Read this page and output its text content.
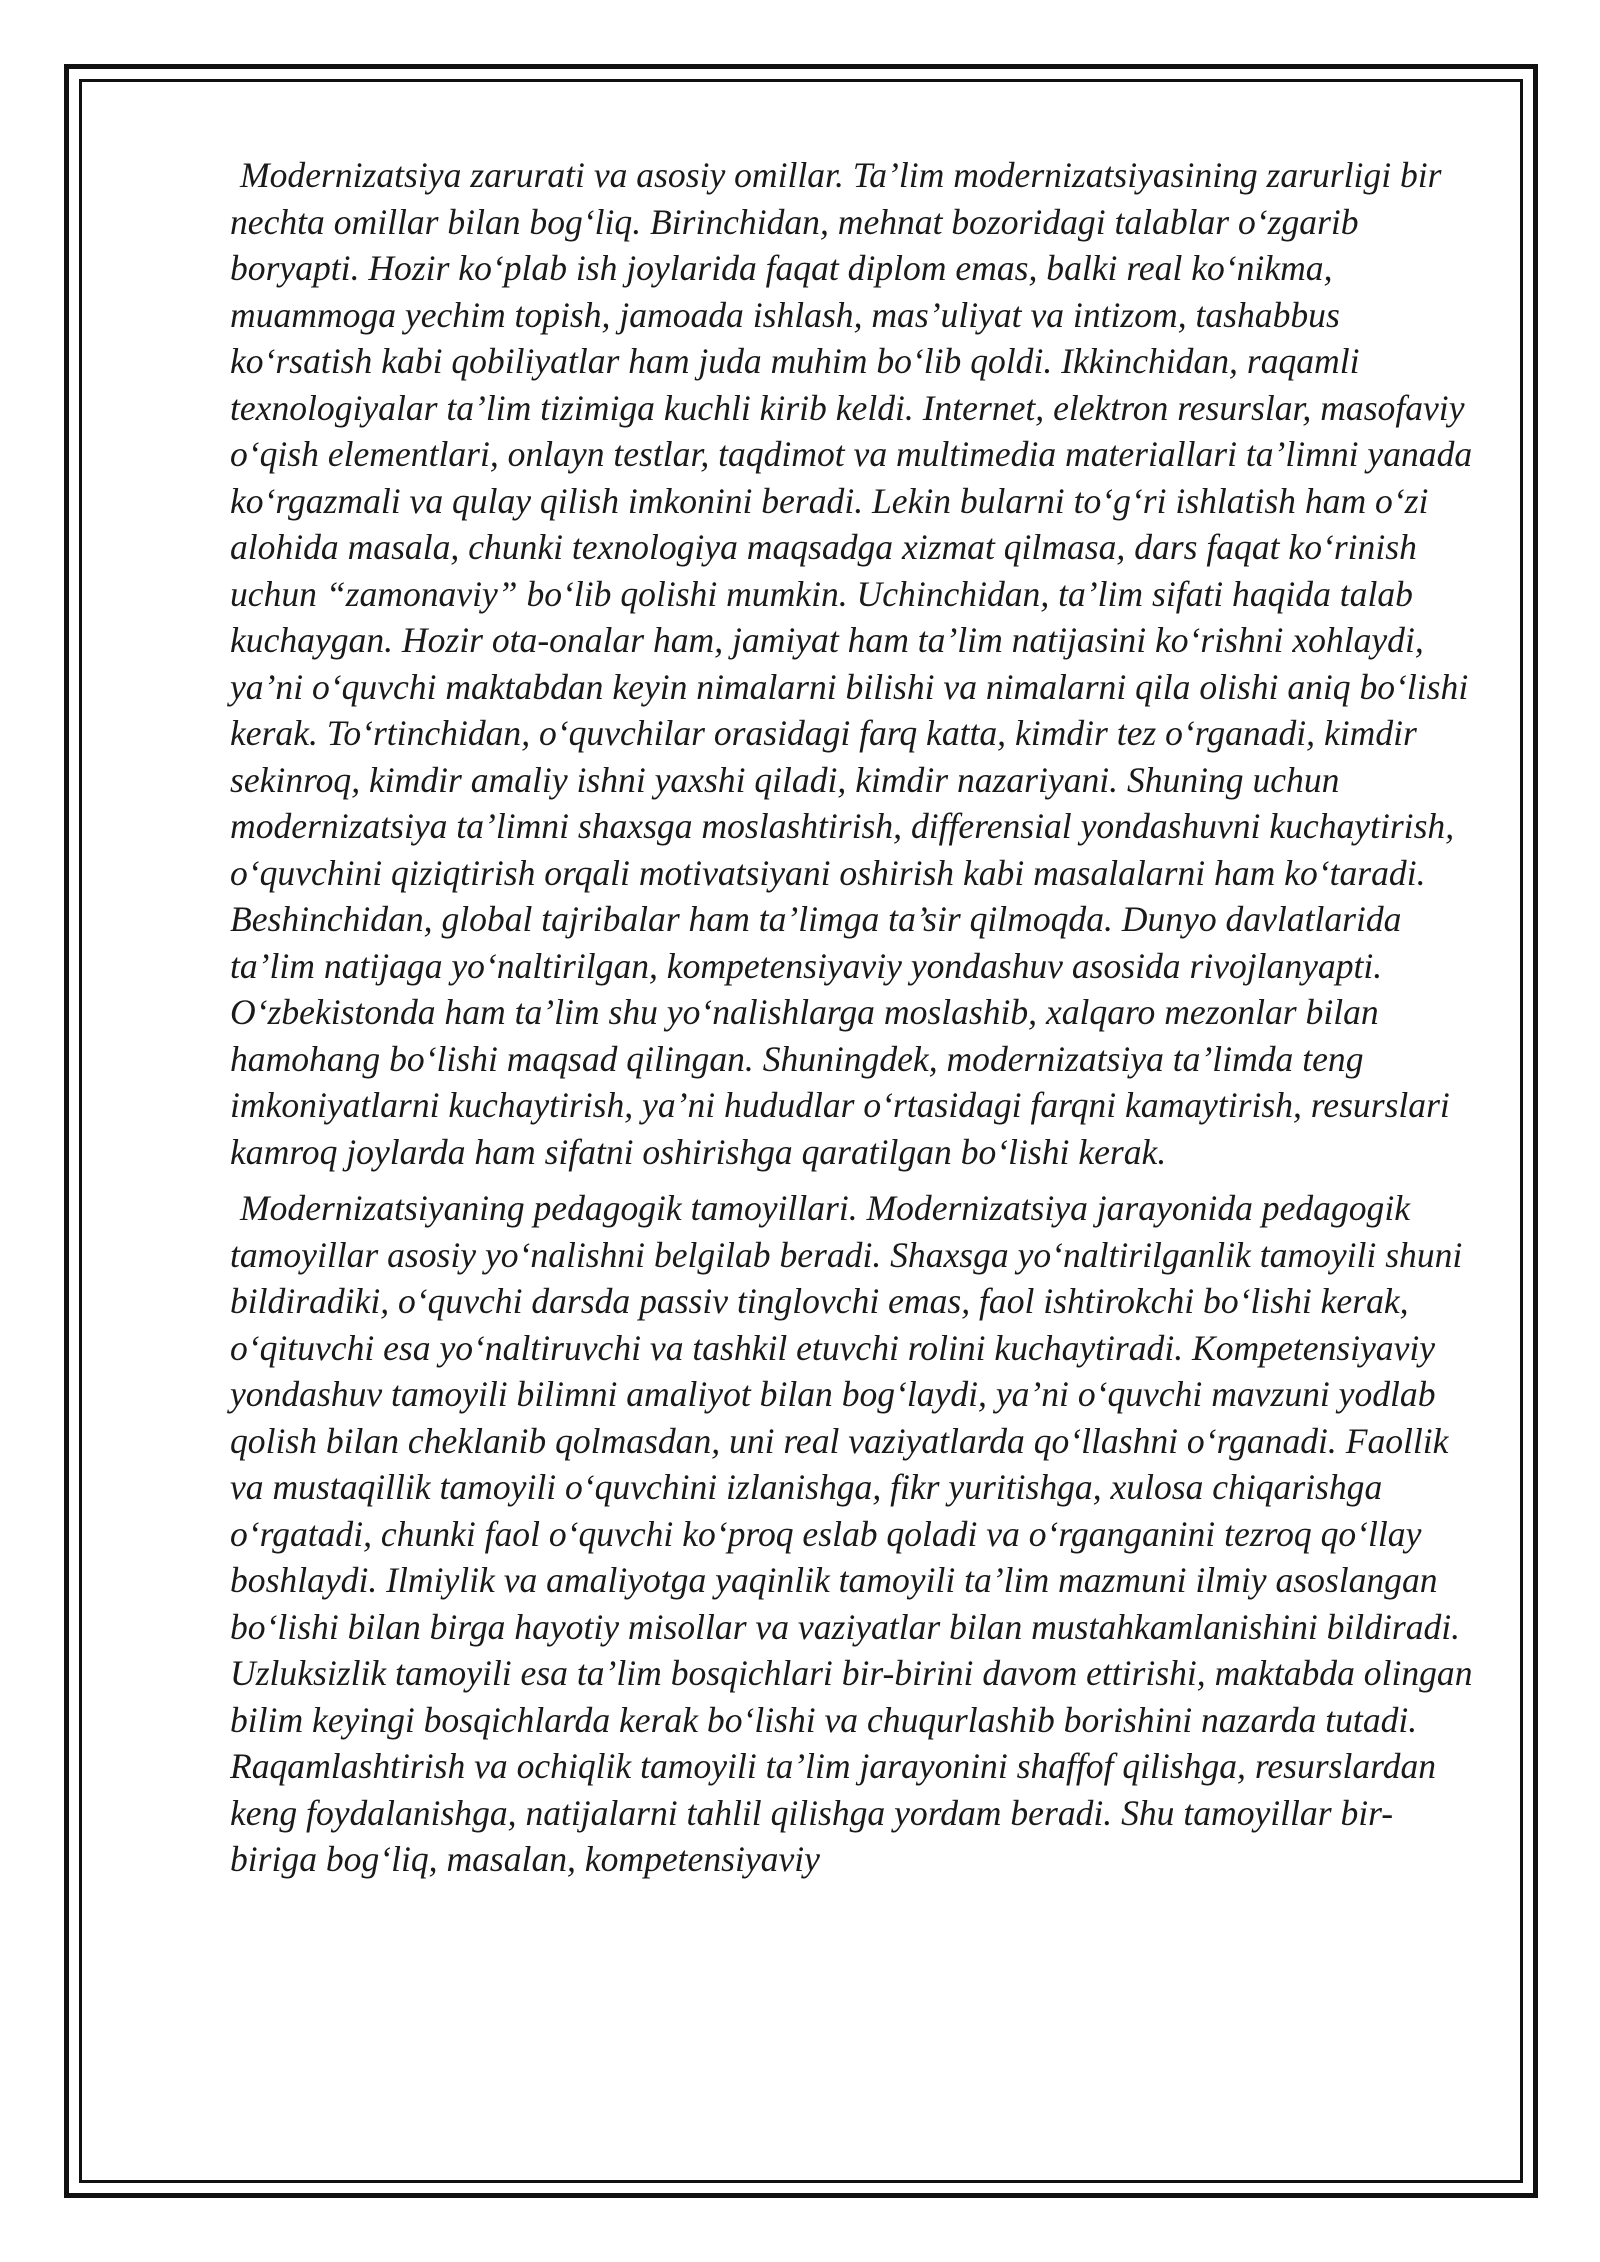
Modernizatsiya zarurati va asosiy omillar. Ta’lim modernizatsiyasining zarurligi bir nechta omillar bilan bog‘liq. Birinchidan, mehnat bozoridagi talablar o‘zgarib boryapti. Hozir ko‘plab ish joylarida faqat diplom emas, balki real ko‘nikma, muammoga yechim topish, jamoada ishlash, mas’uliyat va intizom, tashabbus ko‘rsatish kabi qobiliyatlar ham juda muhim bo‘lib qoldi. Ikkinchidan, raqamli texnologiyalar ta’lim tizimiga kuchli kirib keldi. Internet, elektron resurslar, masofaviy o‘qish elementlari, onlayn testlar, taqdimot va multimedia materiallari ta’limni yanada ko‘rgazmali va qulay qilish imkonini beradi. Lekin bularni to‘g‘ri ishlatish ham o‘zi alohida masala, chunki texnologiya maqsadga xizmat qilmasa, dars faqat ko‘rinish uchun “zamonaviy” bo‘lib qolishi mumkin. Uchinchidan, ta’lim sifati haqida talab kuchaygan. Hozir ota-onalar ham, jamiyat ham ta’lim natijasini ko‘rishni xohlaydi, ya’ni o‘quvchi maktabdan keyin nimalarni bilishi va nimalarni qila olishi aniq bo‘lishi kerak. To‘rtinchidan, o‘quvchilar orasidagi farq katta, kimdir tez o‘rganadi, kimdir sekinroq, kimdir amaliy ishni yaxshi qiladi, kimdir nazariyani. Shuning uchun modernizatsiya ta’limni shaxsga moslashtirish, differensial yondashuvni kuchaytirish, o‘quvchini qiziqtirish orqali motivatsiyani oshirish kabi masalalarni ham ko‘taradi. Beshinchidan, global tajribalar ham ta’limga ta’sir qilmoqda. Dunyo davlatlarida ta’lim natijaga yo‘naltirilgan, kompetensiyaviy yondashuv asosida rivojlanyapti. O‘zbekistonda ham ta’lim shu yo‘nalishlarga moslashib, xalqaro mezonlar bilan hamohang bo‘lishi maqsad qilingan. Shuningdek, modernizatsiya ta’limda teng imkoniyatlarni kuchaytirish, ya’ni hududlar o‘rtasidagi farqni kamaytirish, resurslari kamroq joylarda ham sifatni oshirishga qaratilgan bo‘lishi kerak.

Modernizatsiyaning pedagogik tamoyillari. Modernizatsiya jarayonida pedagogik tamoyillar asosiy yo‘nalishni belgilab beradi. Shaxsga yo‘naltirilganlik tamoyili shuni bildiradiki, o‘quvchi darsda passiv tinglovchi emas, faol ishtirokchi bo‘lishi kerak, o‘qituvchi esa yo‘naltiruvchi va tashkil etuvchi rolini kuchaytiradi. Kompetensiyaviy yondashuv tamoyili bilimni amaliyot bilan bog‘laydi, ya’ni o‘quvchi mavzuni yodlab qolish bilan cheklanib qolmasdan, uni real vaziyatlarda qo‘llashni o‘rganadi. Faollik va mustaqillik tamoyili o‘quvchini izlanishga, fikr yuritishga, xulosa chiqarishga o‘rgatadi, chunki faol o‘quvchi ko‘proq eslab qoladi va o‘rganganini tezroq qo‘llay boshlaydi. Ilmiylik va amaliyotga yaqinlik tamoyili ta’lim mazmuni ilmiy asoslangan bo‘lishi bilan birga hayotiy misollar va vaziyatlar bilan mustahkamlanishini bildiradi. Uzluksizlik tamoyili esa ta’lim bosqichlari bir-birini davom ettirishi, maktabda olingan bilim keyingi bosqichlarda kerak bo‘lishi va chuqurlashib borishini nazarda tutadi. Raqamlashtirish va ochiqlik tamoyili ta’lim jarayonini shaffof qilishga, resurslardan keng foydalanishga, natijalarni tahlil qilishga yordam beradi. Shu tamoyillar bir-biriga bog‘liq, masalan, kompetensiyaviy
